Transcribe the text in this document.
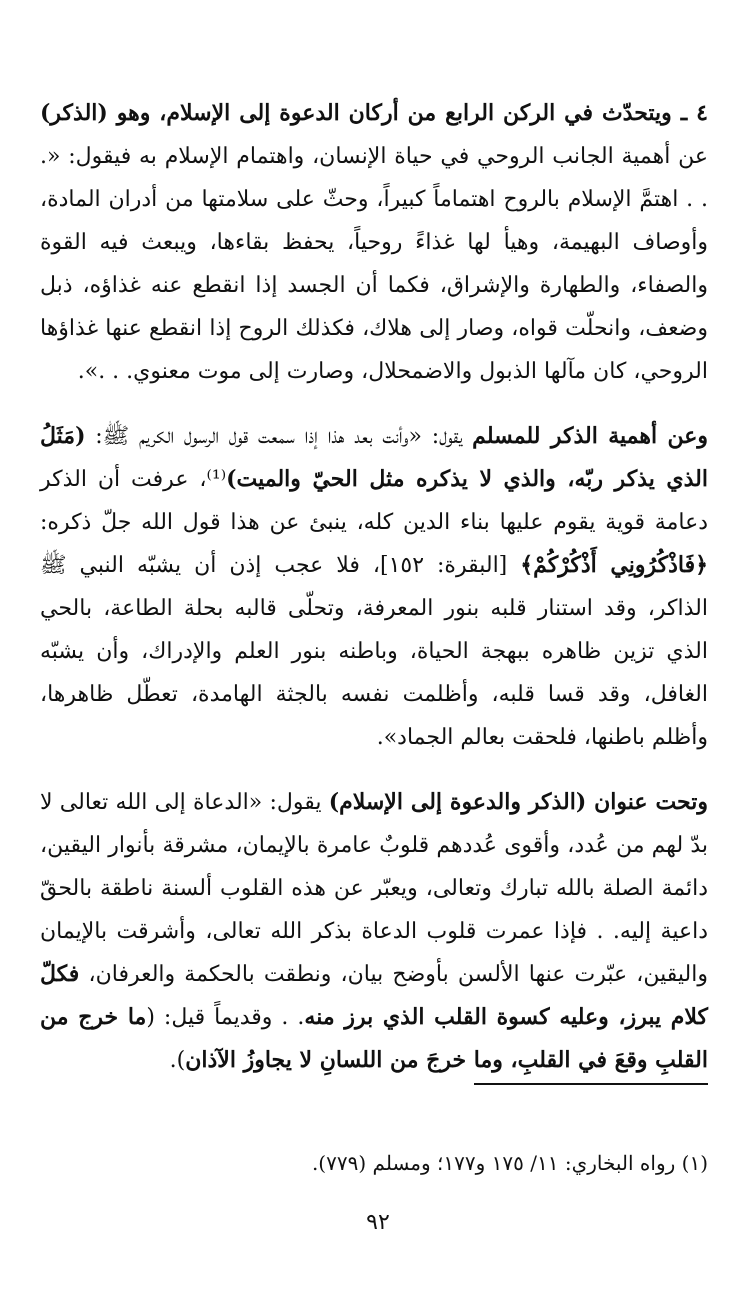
٤ ـ ويتحدّث في الركن الرابع من أركان الدعوة إلى الإسلام، وهو (الذكر) عن أهمية الجانب الروحي في حياة الإنسان، واهتمام الإسلام به فيقول: «. . . اهتمَّ الإسلام بالروح اهتماماً كبيراً، وحثّ على سلامتها من أدران المادة، وأوصاف البهيمة، وهيأ لها غذاءً روحياً، يحفظ بقاءها، ويبعث فيه القوة والصفاء، والطهارة والإشراق، فكما أن الجسد إذا انقطع عنه غذاؤه، ذبل وضعف، وانحلّت قواه، وصار إلى هلاك، فكذلك الروح إذا انقطع عنها غذاؤها الروحي، كان مآلها الذبول والاضمحلال، وصارت إلى موت معنوي. . .».

وعن أهمية الذكر للمسلم يقول: «وأنت بعد هذا إذا سمعت قول الرسول الكريم ﷺ: (مَثَلُ الذي يذكر ربّه، والذي لا يذكره مثل الحيّ والميت)⁽¹⁾، عرفت أن الذكر دعامة قوية يقوم عليها بناء الدين كله، ينبئ عن هذا قول الله جلّ ذكره: ﴿فَاذْكُرُونِي أَذْكُرْكُمْ﴾ [البقرة: ١٥٢]، فلا عجب إذن أن يشبّه النبي ﷺ الذاكر، وقد استنار قلبه بنور المعرفة، وتحلّى قالبه بحلة الطاعة، بالحي الذي تزين ظاهره ببهجة الحياة، وباطنه بنور العلم والإدراك، وأن يشبّه الغافل، وقد قسا قلبه، وأظلمت نفسه بالجثة الهامدة، تعطّل ظاهرها، وأظلم باطنها، فلحقت بعالم الجماد».

وتحت عنوان (الذكر والدعوة إلى الإسلام) يقول: «الدعاة إلى الله تعالى لا بدّ لهم من عُدد، وأقوى عُددهم قلوبٌ عامرة بالإيمان، مشرقة بأنوار اليقين، دائمة الصلة بالله تبارك وتعالى، ويعبّر عن هذه القلوب ألسنة ناطقة بالحقّ داعية إليه. . فإذا عمرت قلوب الدعاة بذكر الله تعالى، وأشرقت بالإيمان واليقين، عبّرت عنها الألسن بأوضح بيان، ونطقت بالحكمة والعرفان، فكلّ كلام يبرز، وعليه كسوة القلب الذي برز منه. . وقديماً قيل: (ما خرج من القلبِ وقعَ في القلبِ، وما خرجَ من اللسانِ لا يجاوزُ الآذان).

(١) رواه البخاري: ١١/ ١٧٥ و١٧٧؛ ومسلم (٧٧٩).
٩٢
